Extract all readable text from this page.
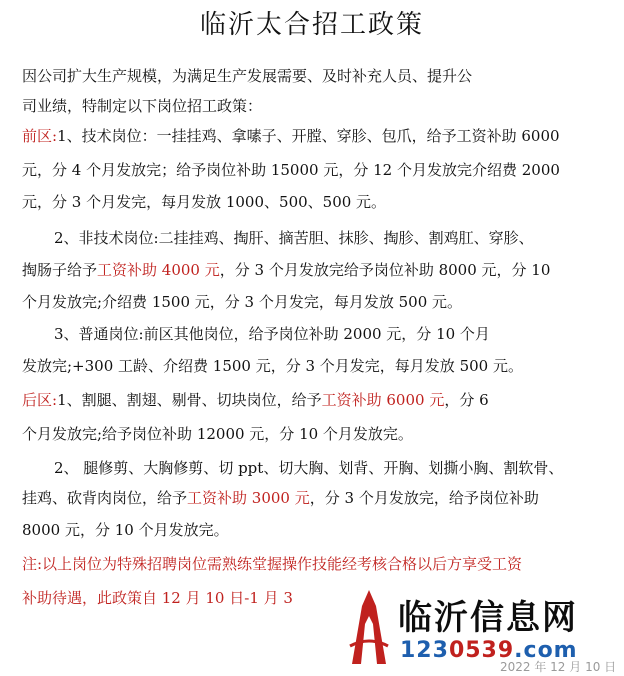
临沂太合招工政策
因公司扩大生产规模，为满足生产发展需要、及时补充人员、提升公
司业绩，特制定以下岗位招工政策：
前区:1、技术岗位：一挂挂鸡、拿嗉子、开膛、穿胗、包爪，给予工资补助 6000
元，分 4 个月发放完；给予岗位补助 15000 元，分 12 个月发放完介绍费 2000
元，分 3 个月发完，每月发放 1000、500、500 元。
2、非技术岗位:二挂挂鸡、掏肝、摘苦胆、抹胗、掏胗、割鸡肛、穿胗、
掏肠子给予工资补助 4000 元，分 3 个月发放完给予岗位补助 8000 元，分 10
个月发放完;介绍费 1500 元，分 3 个月发完，每月发放 500 元。
3、普通岗位:前区其他岗位，给予岗位补助 2000 元，分 10 个月
发放完;+300 工龄、介绍费 1500 元，分 3 个月发完，每月发放 500 元。
后区:1、割腿、割翅、剔骨、切块岗位，给予工资补助 6000 元，分 6
个月发放完;给予岗位补助 12000 元，分 10 个月发放完。
2、 腿修剪、大胸修剪、切 ppt、切大胸、划背、开胸、划撕小胸、割软骨、
挂鸡、砍背肉岗位，给予工资补助 3000 元，分 3 个月发放完，给予岗位补助
8000 元，分 10 个月发放完。
注:以上岗位为特殊招聘岗位需熟练堂握操作技能经考核合格以后方享受工资
补助待遇，此政策自 12 月 10 日-1 月 3	临沂信息网
1230539.com
2022 年 12 月 10 日
